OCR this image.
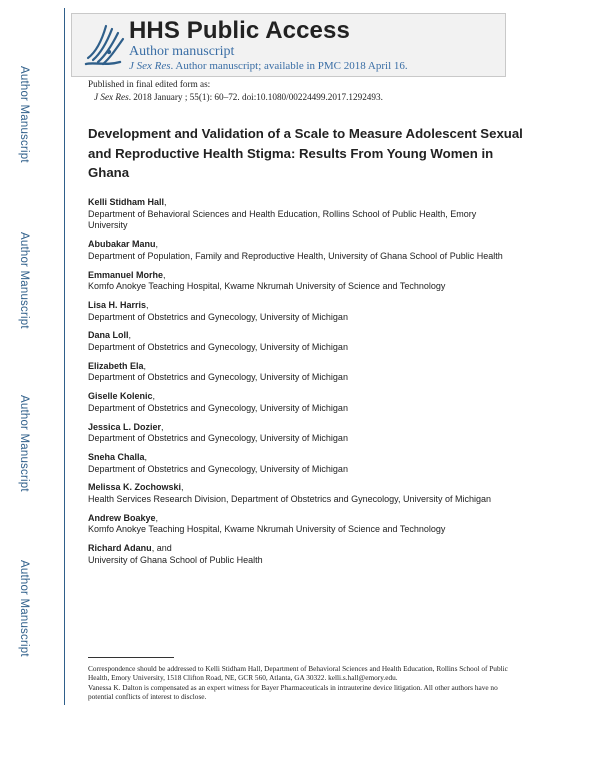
Author Manuscript
Author Manuscript
Author Manuscript
Author Manuscript
HHS Public Access
Author manuscript
J Sex Res. Author manuscript; available in PMC 2018 April 16.
Published in final edited form as:
J Sex Res. 2018 January ; 55(1): 60–72. doi:10.1080/00224499.2017.1292493.
Development and Validation of a Scale to Measure Adolescent Sexual and Reproductive Health Stigma: Results From Young Women in Ghana
Kelli Stidham Hall,
Department of Behavioral Sciences and Health Education, Rollins School of Public Health, Emory University
Abubakar Manu,
Department of Population, Family and Reproductive Health, University of Ghana School of Public Health
Emmanuel Morhe,
Komfo Anokye Teaching Hospital, Kwame Nkrumah University of Science and Technology
Lisa H. Harris,
Department of Obstetrics and Gynecology, University of Michigan
Dana Loll,
Department of Obstetrics and Gynecology, University of Michigan
Elizabeth Ela,
Department of Obstetrics and Gynecology, University of Michigan
Giselle Kolenic,
Department of Obstetrics and Gynecology, University of Michigan
Jessica L. Dozier,
Department of Obstetrics and Gynecology, University of Michigan
Sneha Challa,
Department of Obstetrics and Gynecology, University of Michigan
Melissa K. Zochowski,
Health Services Research Division, Department of Obstetrics and Gynecology, University of Michigan
Andrew Boakye,
Komfo Anokye Teaching Hospital, Kwame Nkrumah University of Science and Technology
Richard Adanu, and
University of Ghana School of Public Health
Correspondence should be addressed to Kelli Stidham Hall, Department of Behavioral Sciences and Health Education, Rollins School of Public Health, Emory University, 1518 Clifton Road, NE, GCR 560, Atlanta, GA 30322. kelli.s.hall@emory.edu.
Vanessa K. Dalton is compensated as an expert witness for Bayer Pharmaceuticals in intrauterine device litigation. All other authors have no potential conflicts of interest to disclose.
